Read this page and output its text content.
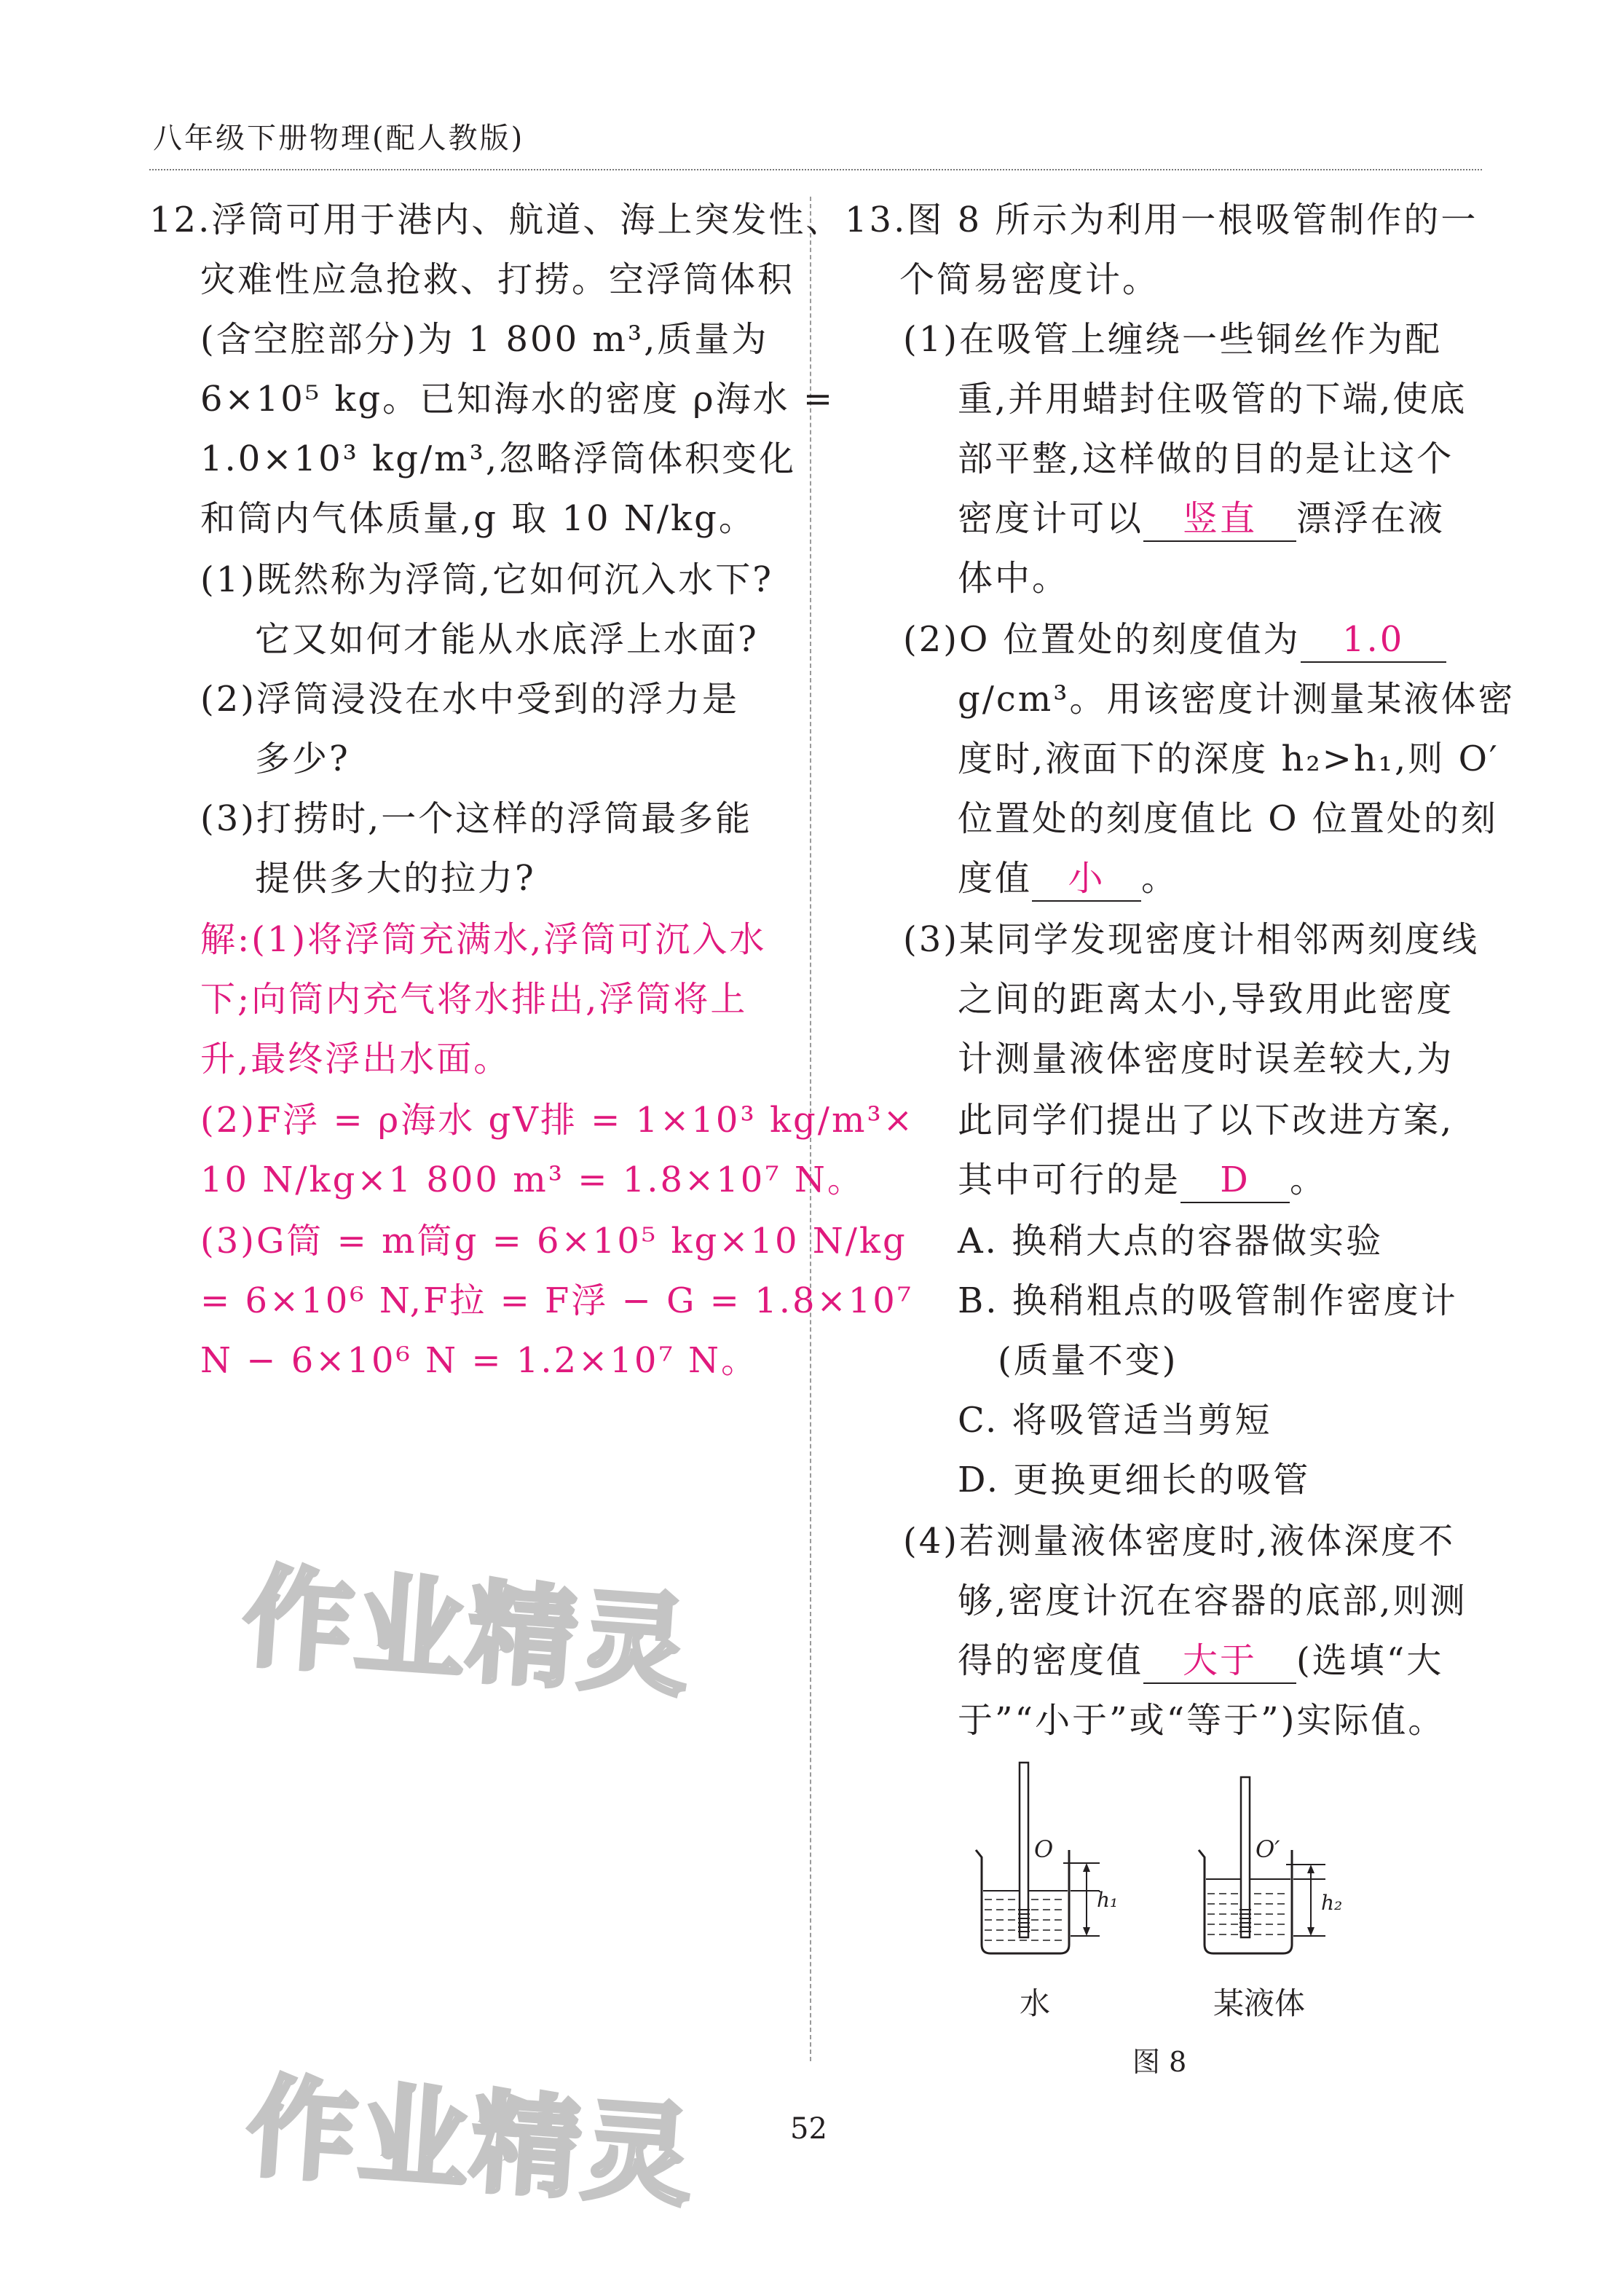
八年级下册物理(配人教版)
12.浮筒可用于港内、航道、海上突发性、
灾难性应急抢救、打捞。空浮筒体积
(含空腔部分)为 1 800 m³,质量为
6×10⁵ kg。已知海水的密度 ρ海水 =
1.0×10³ kg/m³,忽略浮筒体积变化
和筒内气体质量,g 取 10 N/kg。
(1)既然称为浮筒,它如何沉入水下?
它又如何才能从水底浮上水面?
(2)浮筒浸没在水中受到的浮力是
多少?
(3)打捞时,一个这样的浮筒最多能
提供多大的拉力?
解:(1)将浮筒充满水,浮筒可沉入水
下;向筒内充气将水排出,浮筒将上
升,最终浮出水面。
(2)F浮 = ρ海水 gV排 = 1×10³ kg/m³×
10 N/kg×1 800 m³ = 1.8×10⁷ N。
(3)G筒 = m筒g = 6×10⁵ kg×10 N/kg
= 6×10⁶ N,F拉 = F浮 − G = 1.8×10⁷
N − 6×10⁶ N = 1.2×10⁷ N。
13.图 8 所示为利用一根吸管制作的一
个简易密度计。
(1)在吸管上缠绕一些铜丝作为配
重,并用蜡封住吸管的下端,使底
部平整,这样做的目的是让这个
密度计可以 竖直 漂浮在液
体中。
(2)O 位置处的刻度值为 1.0
g/cm³。用该密度计测量某液体密
度时,液面下的深度 h₂>h₁,则 O′
位置处的刻度值比 O 位置处的刻
度值 小 。
(3)某同学发现密度计相邻两刻度线
之间的距离太小,导致用此密度
计测量液体密度时误差较大,为
此同学们提出了以下改进方案,
其中可行的是 D 。
A. 换稍大点的容器做实验
B. 换稍粗点的吸管制作密度计
(质量不变)
C. 将吸管适当剪短
D. 更换更细长的吸管
(4)若测量液体密度时,液体深度不
够,密度计沉在容器的底部,则测
得的密度值 大于 (选填“大
于”“小于”或“等于”)实际值。
O
h₁
O′
h₂
水	某液体
图 8
作业精灵
作业精灵	52
